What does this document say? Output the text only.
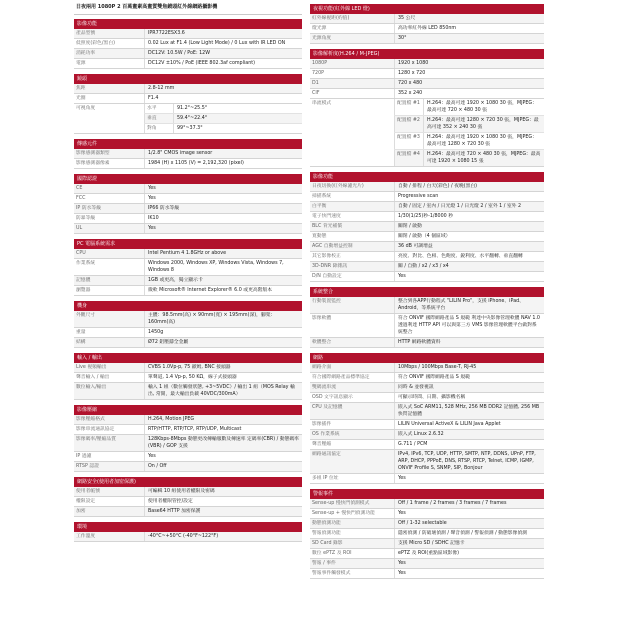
日夜兩用 1080P 2 百萬畫素高畫質雙焦鏡頭紅外線網路攝影機
影像功能
產品型號	IPR7722ESX3.6
低照度(彩色/黑白)	0.02 Lux at F1.4 (Low Light Mode) / 0 Lux with IR LED ON
消耗功率	DC12V: 10.5W / PoE: 12W
電源	DC12V ±10% / PoE (IEEE 802.3af compliant)
鏡頭
焦距	2.8-12 mm
光圈	F1.4
可視角度	水平	91.2°~25.5°
垂直	59.4°~22.4°
對角	99°~37.3°
傳感元件
影像感測器類型	1/2.8" CMOS image sensor
影像感測器像素	1984 (H) x 1105 (V) = 2,192,320 (pixel)
國際認證
CE	Yes
FCC	Yes
IP 防水等級	IP66 防水等級
防暴等級	IK10
UL	Yes
PC 電腦系統需求
CPU	Intel Pentium 4 1.8GHz or above
作業系統	Windows 2000, Windows XP, Windows Vista, Windows 7, Windows 8
記憶體	1GB 或更高，獨立顯示卡
瀏覽器	微軟 Microsoft® Internet Explorer® 6.0 或更高階版本
機身
外觀尺寸	主體：98.5mm(高) × 90mm(寬) × 195mm(深)，腳架：160mm(高)
重量	1450g
結構	Ø72 鋁壓鑄全金屬
輸入 / 輸出
Live 視頻輸出	CVBS 1.0Vp-p, 75 歐姆, BNC 接頭器
聲音輸入 / 輸出	單聲道, 1.4 Vp-p, 50 KΩ，線子式接頭器
數位輸入/輸出	輸入 1 組（數位觸發狀態, +3~5VDC）/ 輸出 1 組（MOS Relay 輸出, 常開，最大輸出負載 40VDC/300mA）
影像壓縮
影像壓縮格式	H.264, Motion JPEG
影像串流通訊協定	RTP/HTTP, RTP/TCP, RTP/UDP, Multicast
影像碼率/壓縮品質	128Kbps-8Mbps 動態更改傳輸服數及傳速率 定碼率(CBR) / 動態碼率(VBR) / GOP 支援
IP 過濾	Yes
RTSP 認證	On / Off
網路安全(使用者加密保護)
使用者帳號	可編輯 10 組使用者權限及密碼
權限設定	使用者權限管控/設定
加密	Base64 HTTP 加密保護
環境
工作溫度	-40°C~+50°C (-40°F~122°F)
夜視功能(紅外線 LED 燈)
紅外線視距(約值)	35 公尺
燈光源	高功率紅外線 LED 850nm
光源角度	30°
影像解析度(H.264 / M-JPEG)
1080P	1920 x 1080
720P	1280 x 720
D1	720 x 480
CIF	352 x 240
串流模式	配置檔 #1	H.264：最高可達 1920 × 1080 30 張，MJPEG：最高可達 720 × 480 30 張
配置檔 #2	H.264：最高可達 1280 × 720 30 張，MJPEG：最高可達 352 × 240 30 張
配置檔 #3	H.264：最高可達 1920 × 1080 30 張，MJPEG：最高可達 1280 × 720 30 張
配置檔 #4	H.264：最高可達 720 × 480 30 張，MJPEG：最高可達 1920 × 1080 15 張
影像功能
日夜切換(紅外線濾光片)	自動 / 排程 / 白天(彩色) / 夜晚(黑白)
掃描系統	Progressive scan
白平衡	自動 / 固定 / 室內 / 日光燈 1 / 日光燈 2 / 室外 1 / 室外 2
電子快門速度	1/30(1/25)秒-1/8000 秒
BLC 背光補償	關閉 / 啟動
寬動態	關閉 / 啟動（4 個區域）
AGC 自動增益控制	36 dB 可調增益
其它影像校正	亮度、對比、色相、色飽度、銳利度、水平翻轉、垂直翻轉
3D-DNR 降雜訊	關 / 自動 / x2 / x3 / x4
D/N 自動設定	Yes
系統整合
行動裝置監控	整合到各APP行動程式 "LILIN Pro"，支援 iPhone、iPad、Android，等系統平台
影像軟體	符合 ONVIF 國際網路產品 S 規範 利達中央影像管理軟體 NAV 1.0 透過利達 HTTP API 可以與第三方 VMS 影像管理軟體平台做對系統整合
軟體整合	HTTP 網路軟體資料
網路
網路介面	10Mbps / 100Mbps Base-T, RJ-45
符合國際網路產品標準協定	符合 ONVIF 國際網路產品 S 規範
雙碼流串流	同時 & 並發視訊
OSD 文字訊息顯示	可顯示時間、日期、攝影機名稱
CPU 及記憶體	嵌入式 SoC ARM11, 528 MHz, 256 MB DDR2 記憶體, 256 MB 快閃記憶體
影像插件	LILIN Universal ActiveX & LILIN Java Applet
OS 作業系統	嵌入式 Linux 2.6.32
聲音壓縮	G.711 / PCM
網路通訊協定	IPv4, IPv6, TCP, UDP, HTTP, SMTP, NTP, DDNS, UPnP, FTP, ARP, DHCP, PPPoE, DNS, RTSP, RTCP, Telnet, ICMP, IGMP, ONVIF Profile S, SNMP, SIP, Bonjour
多組 IP 位址	Yes
警報事件
Sense-up 慢快門偵測模式	Off / 1 frame / 2 frames / 3 frames / 7 frames
Sense-up + 慢快門偵測功能	Yes
動態偵測功能	Off / 1-32 selectable
警報偵測功能	隱密偵測 / 防破壞偵測 / 聲音偵測 / 警報偵測 / 動態影像偵測
SD Card 錄影	支援 Micro SD / SDHC 記憶卡
數位 ePTZ 及 ROI	ePTZ 及 ROI(重點區域影像)
警報 / 事件	Yes
警報事件觸發模式	Yes
